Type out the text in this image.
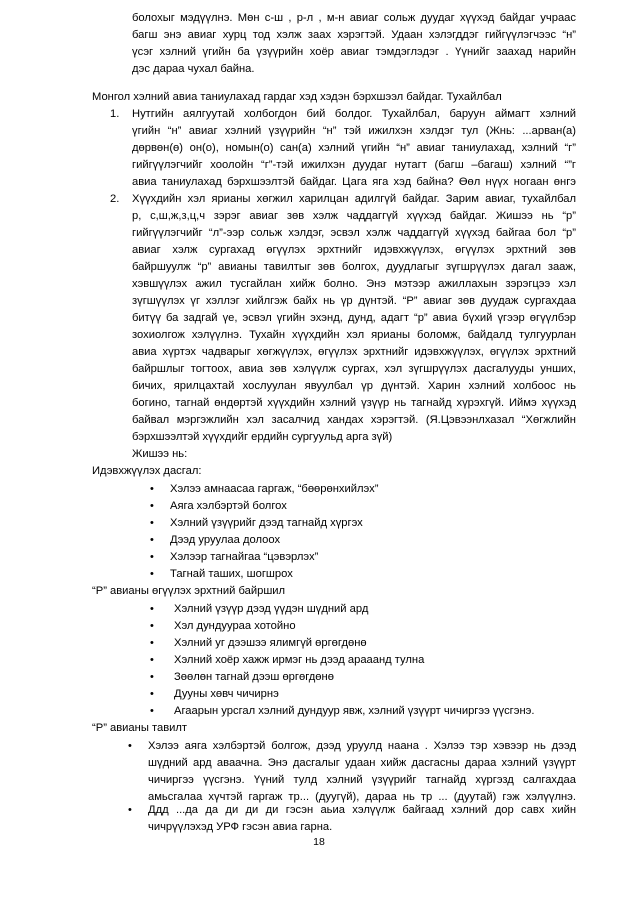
болохыг мэдүүлнэ. Мөн с-ш , р-л , м-н авиаг сольж дуудаг хүүхэд байдаг учраас
багш энэ авиаг хурц тод хэлж заах хэрэгтэй. Удаан хэлэгддэг гийгүүлэгчээс “н”
үсэг хэлний үгийн ба үзүүрийн хоёр авиаг тэмдэглэдэг . Үүнийг заахад нарийн
дэс дараа чухал байна.
Монгол хэлний авиа таниулахад гардаг хэд хэдэн бэрхшээл байдаг. Тухайлбал
1. Нутгийн аялгуутай холбогдон бий болдог. Тухайлбал, баруун аймагт хэлний
үгийн “н” авиаг хэлний үзүүрийн “н” тэй ижилхэн хэлдэг тул (Жнь: ...арван(а)
дөрвөн(ө) он(о), номын(о) сан(а) хэлний үгийн “н” авиаг таниулахад, хэлний “г”
гийгүүлэгчийг хоолойн “г”-тэй ижилхэн дуудаг нутагт (багш –багаш) хэлний “”г
авиа таниулахад бэрхшээлтэй байдаг. Цага яга хэд байна? Өөл нүүх ногаан өнгэ
2. Хүүхдийн хэл ярианы хөгжил харилцан адилгүй байдаг. Зарим авиаг, тухайлбал
р, с,ш,ж,з,ц,ч зэрэг авиаг зөв хэлж чаддаггүй хүүхэд байдаг. Жишээ нь “р”
гийгүүлэгчийг “л”-ээр сольж хэлдэг, эсвэл хэлж чаддаггүй хүүхэд байгаа бол “р”
авиаг хэлж сургахад өгүүлэх эрхтнийг идэвхжүүлэх, өгүүлэх эрхтний зөв
байршуулж “р” авианы тавилтыг зөв болгох, дуудлагыг зүгшрүүлэх дагал зааж,
хэвшүүлэх ажил тусгайлан хийж болно. Энэ мэтээр ажиллахын зэрэгцээ хэл
зүгшүүлэх үг хэллэг хийлгэж байх нь үр дүнтэй. “Р” авиаг зөв дуудаж сургахдаа
битүү ба задгай үе, эсвэл үгийн эхэнд, дунд, адагт “р” авиа бүхий үгээр өгүүлбэр
зохиолгож хэлүүлнэ. Тухайн хүүхдийн хэл ярианы боломж, байдалд тулгуурлан
авиа хүртэх чадварыг хөгжүүлэх, өгүүлэх эрхтнийг идэвхжүүлэх, өгүүлэх эрхтний
байршлыг тогтоох, авиа зөв хэлүүлж сургах, хэл зүгшрүүлэх дасгалууды унших,
бичих, ярилцахтай хослуулан явуулбал үр дүнтэй. Харин хэлний холбоос нь
богино, тагнай өндөртэй хүүхдийн хэлний үзүүр нь тагнайд хүрэхгүй. Иймэ хүүхэд
байвал мэргэжлийн хэл засалчид хандах хэрэгтэй. (Я.Цэвээнлхазал “Хөгжлийн
бэрхшээлтэй хүүхдийг ердийн сургуульд арга зүй)
Жишээ нь:
Идэвхжүүлэх дасгал:
• Хэлээ амнаасаа гаргаж, “бөөрөнхийлэх”
• Аяга хэлбэртэй болгох
• Хэлний үзүүрийг дээд тагнайд хүргэх
• Дээд уруулаа долоох
• Хэлээр тагнайгаа “цэвэрлэх”
• Тагнай таших, шогшрох
“Р” авианы өгүүлэх эрхтний байршил
• Хэлний үзүүр дээд үүдэн шүдний ард
• Хэл дундуураа хотойно
• Хэлний уг дээшээ ялимгүй өргөгдөнө
• Хэлний хоёр хажж ирмэг нь дээд арааанд тулна
• Зөөлөн тагнай дээш өргөгдөнө
• Дууны хөвч чичирнэ
• Агаарын урсгал хэлний дундуур явж, хэлний үзүүрт чичиргээ үүсгэнэ.
“Р” авианы тавилт
• Хэлээ аяга хэлбэртэй болгож, дээд уруулд наана . Хэлээ тэр хэвээр нь дээд
шүдний ард аваачна. Энэ дасгалыг удаан хийж дасгасны дараа хэлний үзүүрт
чичиргээ үүсгэнэ. Үүний тулд хэлний үзүүрийг тагнайд хүргэзд салгахдаа
амьсгалаа хүчтэй гаргаж тр... (дуугүй), дараа нь тр ... (дуутай) гэж хэлүүлнэ.
• Ддд ...да да ди ди ди гэсэн аьиа хэлүүлж байгаад хэлний дор савх хийн
чичрүүлэхэд УРФ гэсэн авиа гарна.
18
